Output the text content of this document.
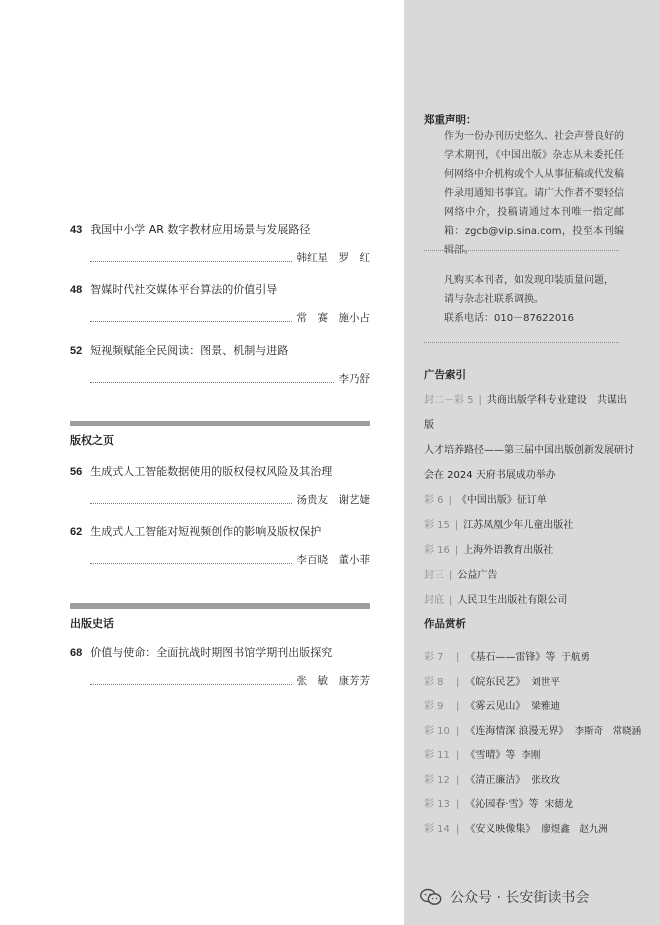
43 我国中小学 AR 数字教材应用场景与发展路径
韩红星　罗　红
48 智媒时代社交媒体平台算法的价值引导
常　赛　施小占
52 短视频赋能全民阅读：图景、机制与进路
李乃舒
版权之页
56 生成式人工智能数据使用的版权侵权风险及其治理
汤贵友　谢艺婕
62 生成式人工智能对短视频创作的影响及版权保护
李百晓　董小菲
出版史话
68 价值与使命：全面抗战时期图书馆学期刊出版探究
张　敏　康芳芳
郑重声明：
作为一份办刊历史悠久、社会声誉良好的学术期刊，《中国出版》杂志从未委托任何网络中介机构或个人从事征稿或代发稿件录用通知书事宜。请广大作者不要轻信网络中介，投稿请通过本刊唯一指定邮箱：zgcb@vip.sina.com，投至本刊编辑部。
凡购买本刊者，如发现印装质量问题，
请与杂志社联系调换。
联系电话：010－87622016
广告索引
封二－彩 5 | 共商出版学科专业建设　共谋出版
人才培养路径——第三届中国出版创新发展研讨
会在 2024 天府书展成功举办
彩 6 | 《中国出版》征订单
彩 15 | 江苏凤凰少年儿童出版社
彩 16 | 上海外语教育出版社
封三 | 公益广告
封底 | 人民卫生出版社有限公司
作品赏析
彩 7 | 《基石——雷锋》等 于航勇
彩 8 | 《皖东民艺》 刘世平
彩 9 | 《雾云见山》 梁雅迪
彩 10 | 《连海情深 浪漫无界》 李斯奇　常晓涵
彩 11 | 《雪晴》等 李刚
彩 12 | 《清正廉洁》 张玫玫
彩 13 | 《沁园春·雪》等 宋德龙
彩 14 | 《安义映像集》 廖煜鑫　赵九洲
公众号 · 长安街读书会
